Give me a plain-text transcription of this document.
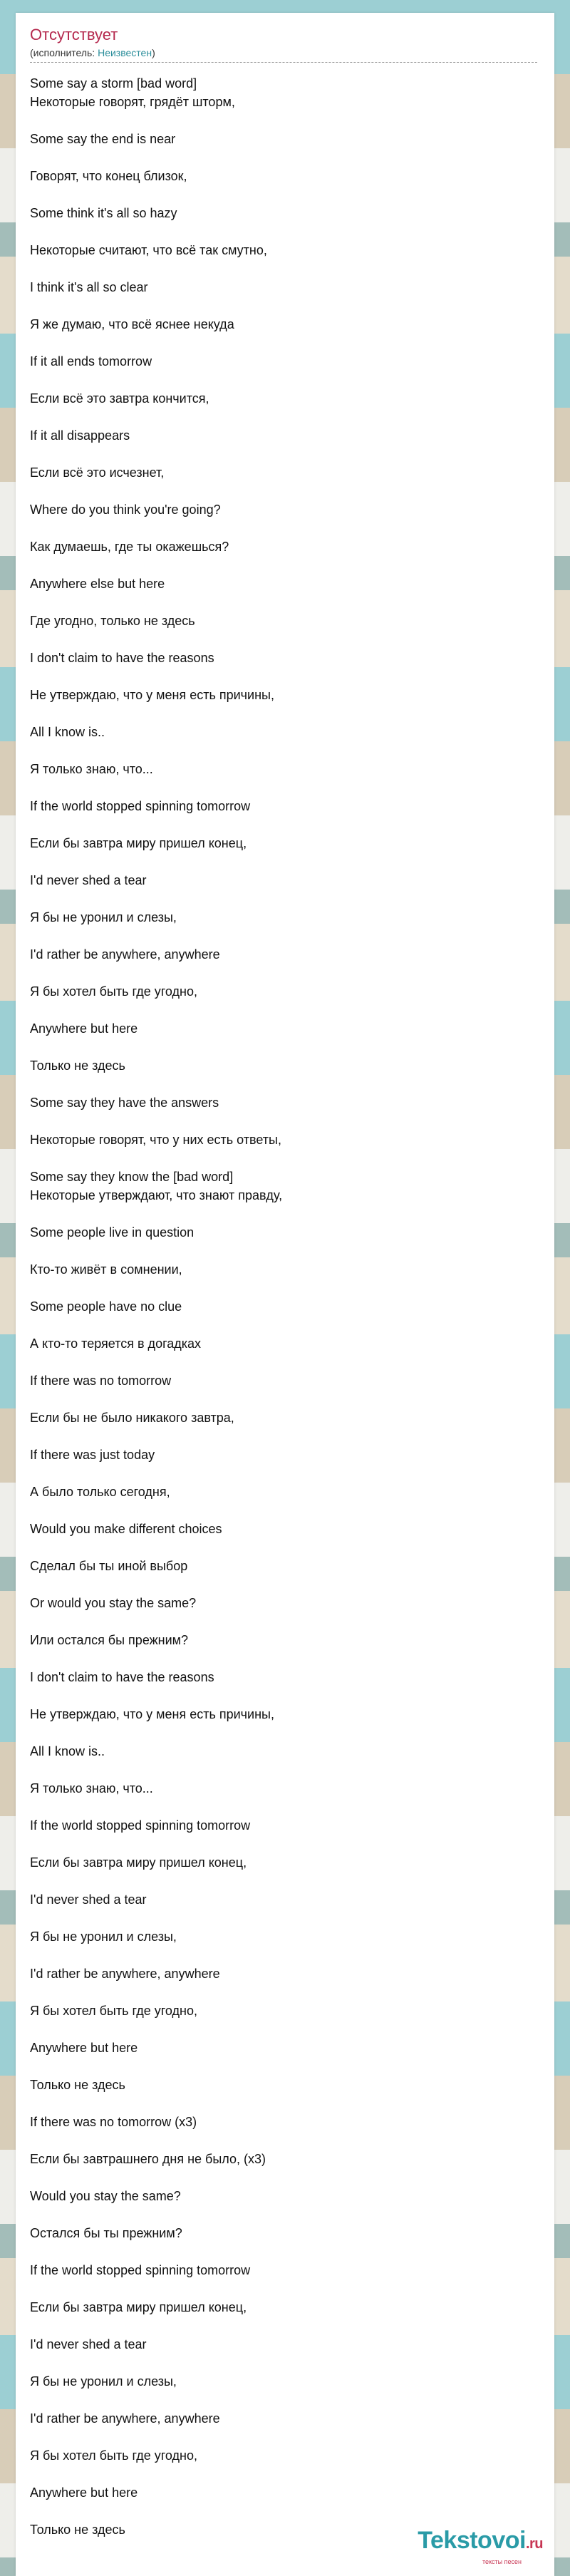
Отсутствует
(исполнитель: Неизвестен)
Some say a storm [bad word]
Некоторые говорят, грядёт шторм,
Some say the end is near
Говорят, что конец близок,
Some think it's all so hazy
Некоторые считают, что всё так смутно,
I think it's all so clear
Я же думаю, что всё яснее некуда
If it all ends tomorrow
Если всё это завтра кончится,
If it all disappears
Если всё это исчезнет,
Where do you think you're going?
Как думаешь, где ты окажешься?
Anywhere else but here
Где угодно, только не здесь
I don't claim to have the reasons
Не утверждаю, что у меня есть причины,
All I know is..
Я только знаю, что...
If the world stopped spinning tomorrow
Если бы завтра миру пришел конец,
I'd never shed a tear
Я бы не уронил и слезы,
I'd rather be anywhere, anywhere
Я бы хотел быть где угодно,
Anywhere but here
Только не здесь
Some say they have the answers
Некоторые говорят, что у них есть ответы,
Some say they know the [bad word]
Некоторые утверждают, что знают правду,
Some people live in question
Кто-то живёт в сомнении,
Some people have no clue
А кто-то теряется в догадках
If there was no tomorrow
Если бы не было никакого завтра,
If there was just today
А было только сегодня,
Would you make different choices
Сделал бы ты иной выбор
Or would you stay the same?
Или остался бы прежним?
I don't claim to have the reasons
Не утверждаю, что у меня есть причины,
All I know is..
Я только знаю, что...
If the world stopped spinning tomorrow
Если бы завтра миру пришел конец,
I'd never shed a tear
Я бы не уронил и слезы,
I'd rather be anywhere, anywhere
Я бы хотел быть где угодно,
Anywhere but here
Только не здесь
If there was no tomorrow (x3)
Если бы завтрашнего дня не было, (x3)
Would you stay the same?
Остался бы ты прежним?
If the world stopped spinning tomorrow
Если бы завтра миру пришел конец,
I'd never shed a tear
Я бы не уронил и слезы,
I'd rather be anywhere, anywhere
Я бы хотел быть где угодно,
Anywhere but here
Только не здесь	Tekstovoi.ru
тексты песен
